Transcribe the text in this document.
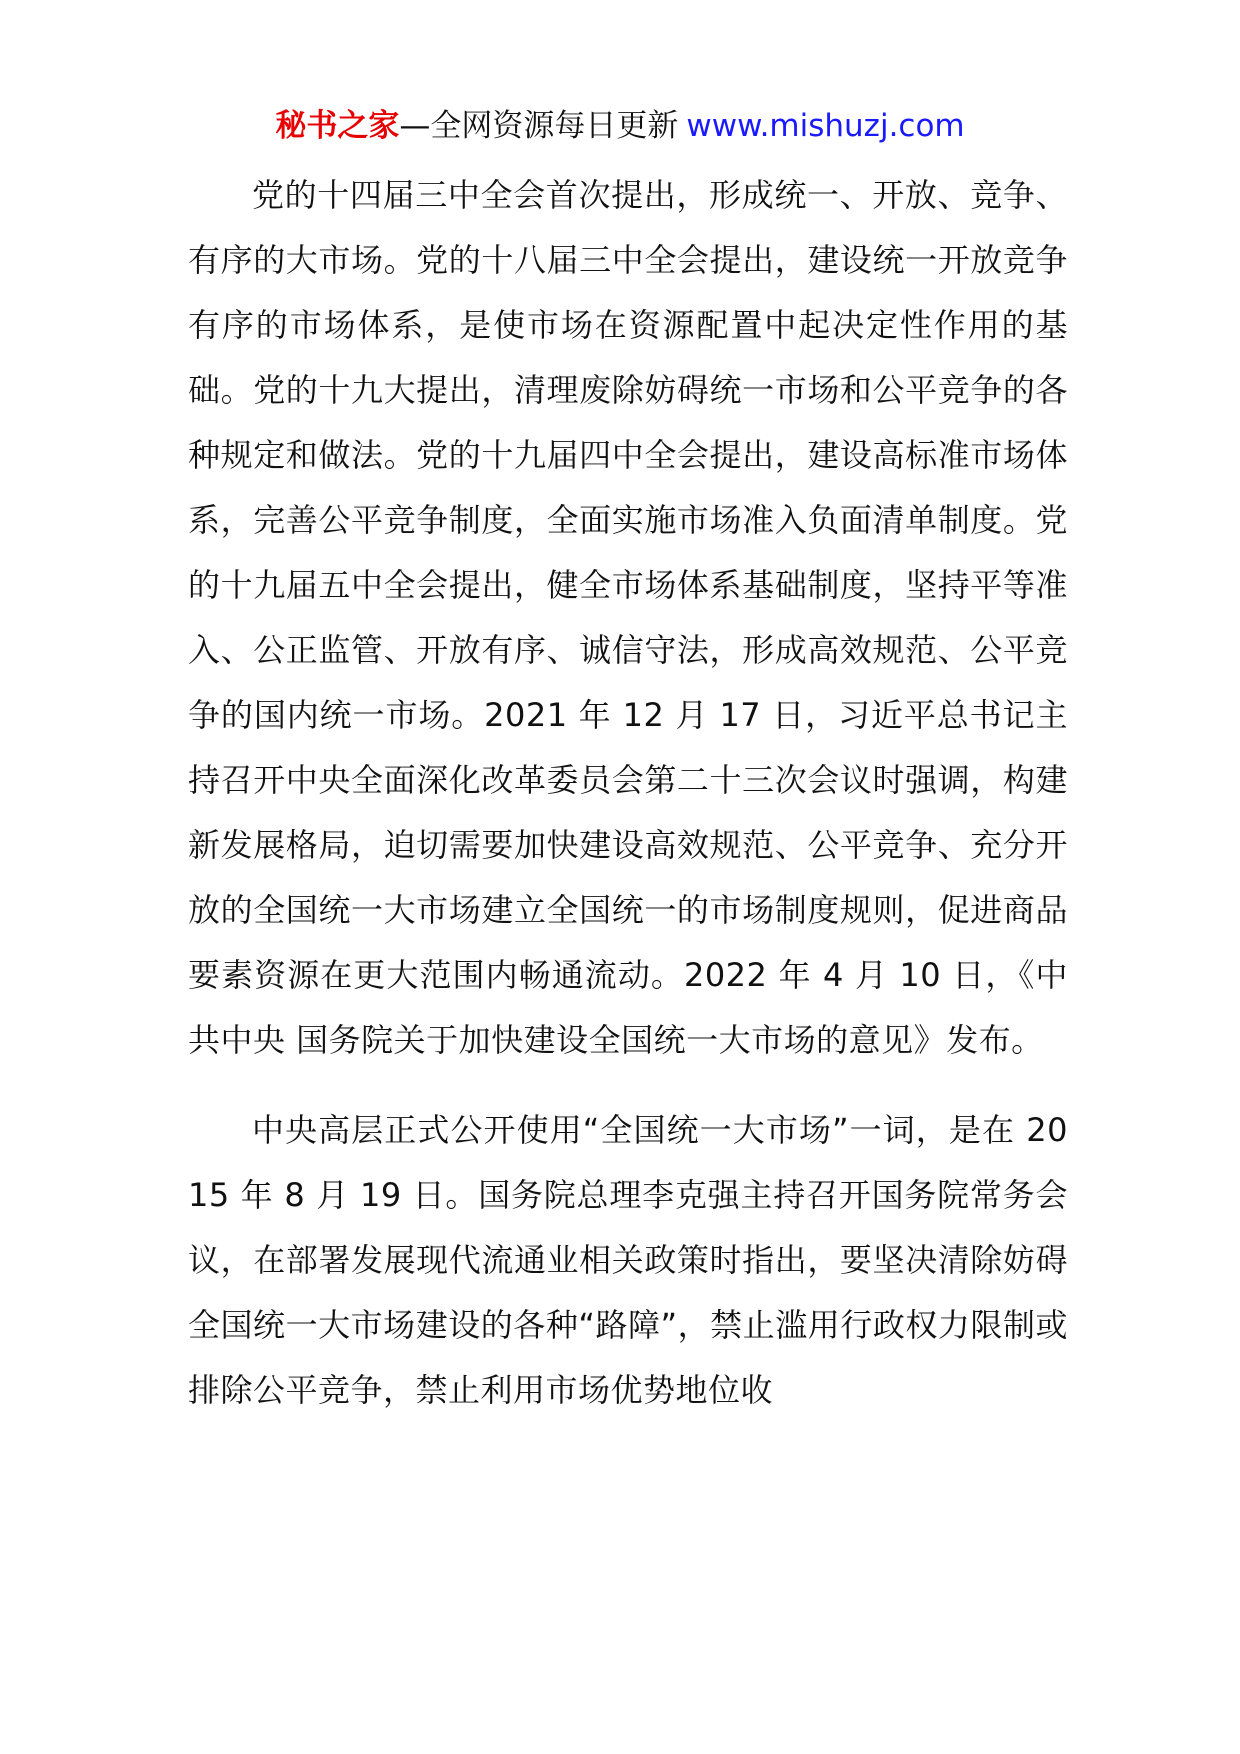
秘书之家—全网资源每日更新 www.mishuzj.com

党的十四届三中全会首次提出，形成统一、开放、竞争、有序的大市场。党的十八届三中全会提出，建设统一开放竞争有序的市场体系，是使市场在资源配置中起决定性作用的基础。党的十九大提出，清理废除妨碍统一市场和公平竞争的各种规定和做法。党的十九届四中全会提出，建设高标准市场体系，完善公平竞争制度，全面实施市场准入负面清单制度。党的十九届五中全会提出，健全市场体系基础制度，坚持平等准入、公正监管、开放有序、诚信守法，形成高效规范、公平竞争的国内统一市场。2021 年 12 月 17 日，习近平总书记主持召开中央全面深化改革委员会第二十三次会议时强调，构建新发展格局，迫切需要加快建设高效规范、公平竞争、充分开放的全国统一大市场建立全国统一的市场制度规则，促进商品要素资源在更大范围内畅通流动。2022 年 4 月 10 日，《中共中央 国务院关于加快建设全国统一大市场的意见》发布。

中央高层正式公开使用“全国统一大市场”一词，是在 2015 年 8 月 19 日。国务院总理李克强主持召开国务院常务会议，在部署发展现代流通业相关政策时指出，要坚决清除妨碍全国统一大市场建设的各种“路障”，禁止滥用行政权力限制或排除公平竞争，禁止利用市场优势地位收
